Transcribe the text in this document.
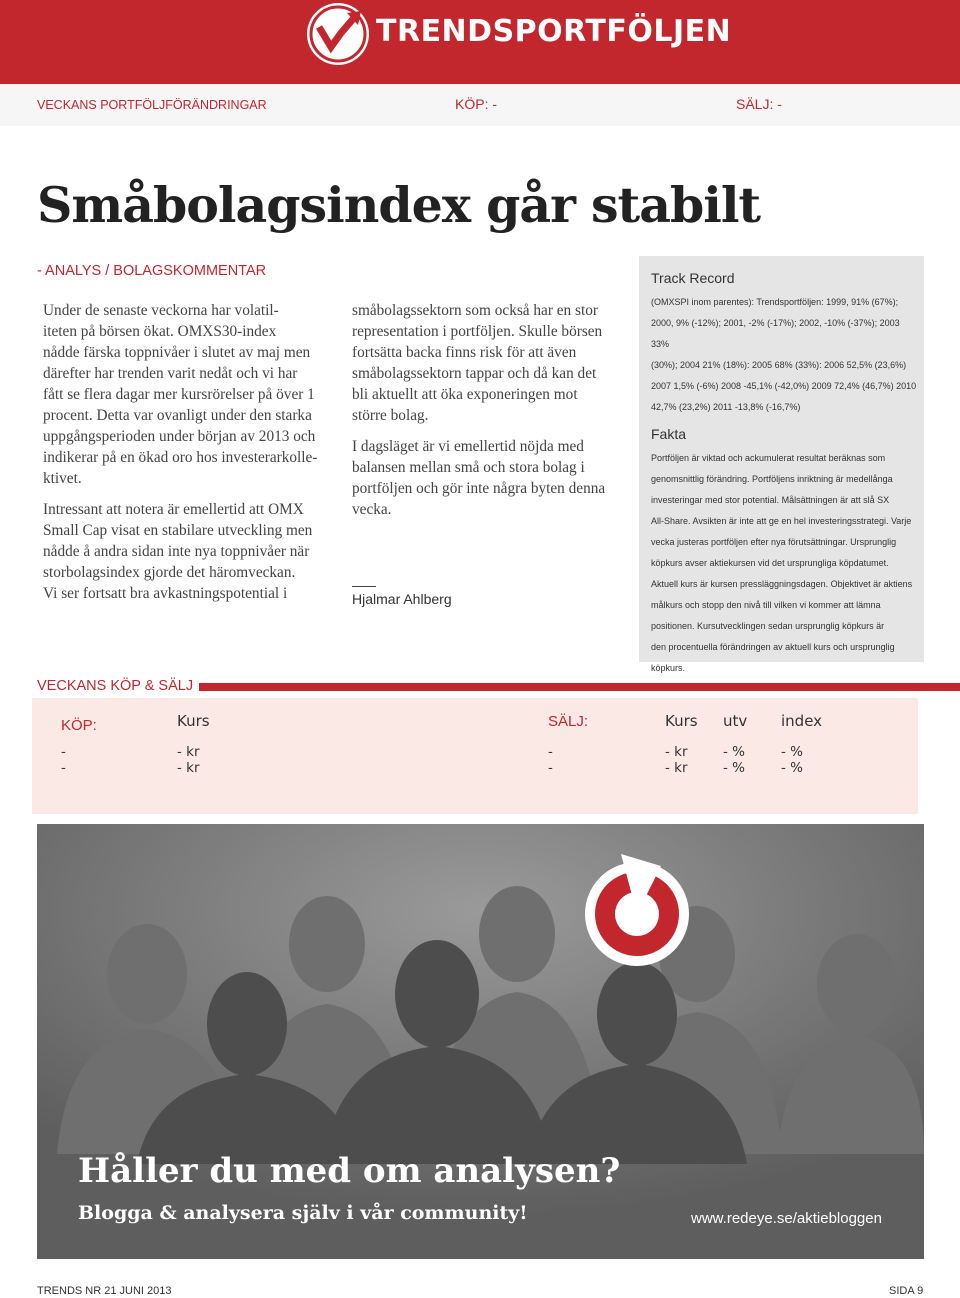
TRENDSPORTFÖLJEN
VECKANS PORTFÖLJFÖRÄNDRINGAR	KÖP: -	SÄLJ: -
Småbolagsindex går stabilt
- ANALYS / BOLAGSKOMMENTAR

Under de senaste veckorna har volatil-
iteten på börsen ökat. OMXS30-index
nådde färska toppnivåer i slutet av maj men
därefter har trenden varit nedåt och vi har
fått se flera dagar mer kursrörelser på över 1
procent. Detta var ovanligt under den starka
uppgångsperioden under början av 2013 och
indikerar på en ökad oro hos investerarkolle-
ktivet.

Intressant att notera är emellertid att OMX
Small Cap visat en stabilare utveckling men
nådde å andra sidan inte nya toppnivåer när
storbolagsindex gjorde det häromveckan.
Vi ser fortsatt bra avkastningspotential i

småbolagssektorn som också har en stor
representation i portföljen. Skulle börsen
fortsätta backa finns risk för att även
småbolagssektorn tappar och då kan det
bli aktuellt att öka exponeringen mot
större bolag.

I dagsläget är vi emellertid nöjda med
balansen mellan små och stora bolag i
portföljen och gör inte några byten denna
vecka.

Hjalmar Ahlberg
Track Record
(OMXSPI inom parentes): Trendsportföljen: 1999, 91% (67%);
2000, 9% (-12%); 2001, -2% (-17%); 2002, -10% (-37%); 2003 33%
(30%); 2004 21% (18%): 2005 68% (33%): 2006 52,5% (23,6%)
2007 1,5% (-6%) 2008 -45,1% (-42,0%) 2009 72,4% (46,7%) 2010
42,7% (23,2%) 2011 -13,8% (-16,7%)
Fakta
Portföljen är viktad och ackumulerat resultat beräknas som
genomsnittlig förändring. Portföljens inriktning är medellånga
investeringar med stor potential. Målsättningen är att slå SX
All-Share. Avsikten är inte att ge en hel investeringsstrategi. Varje
vecka justeras portföljen efter nya förutsättningar. Ursprunglig
köpkurs avser aktiekursen vid det ursprungliga köpdatumet.
Aktuell kurs är kursen pressläggningsdagen. Objektivet är aktiens
målkurs och stopp den nivå till vilken vi kommer att lämna
positionen. Kursutvecklingen sedan ursprunglig köpkurs är
den procentuella förändringen av aktuell kurs och ursprunglig
köpkurs.
VECKANS KÖP & SÄLJ
KÖP:	Kurs
-	- kr
-	- kr
SÄLJ:	Kurs utv index
-	- kr	- %	- %
-	- kr	- %	- %
Håller du med om analysen?
Blogga & analysera själv i vår community!	www.redeye.se/aktiebloggen
TRENDS NR 21 JUNI 2013	SIDA 9
